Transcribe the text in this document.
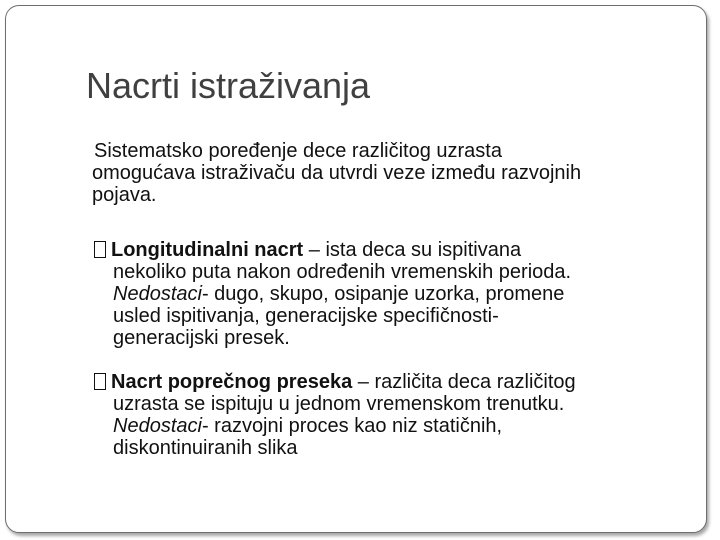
Nacrti istraživanja

Sistematsko poređenje dece različitog uzrasta
omogućava istraživaču da utvrdi veze između razvojnih
pojava.

Longitudinalni nacrt – ista deca su ispitivana
nekoliko puta nakon određenih vremenskih perioda.
Nedostaci- dugo, skupo, osipanje uzorka, promene
usled ispitivanja, generacijske specifičnosti-
generacijski presek.
Nacrt poprečnog preseka – različita deca različitog
uzrasta se ispituju u jednom vremenskom trenutku.
Nedostaci- razvojni proces kao niz statičnih,
diskontinuiranih slika
